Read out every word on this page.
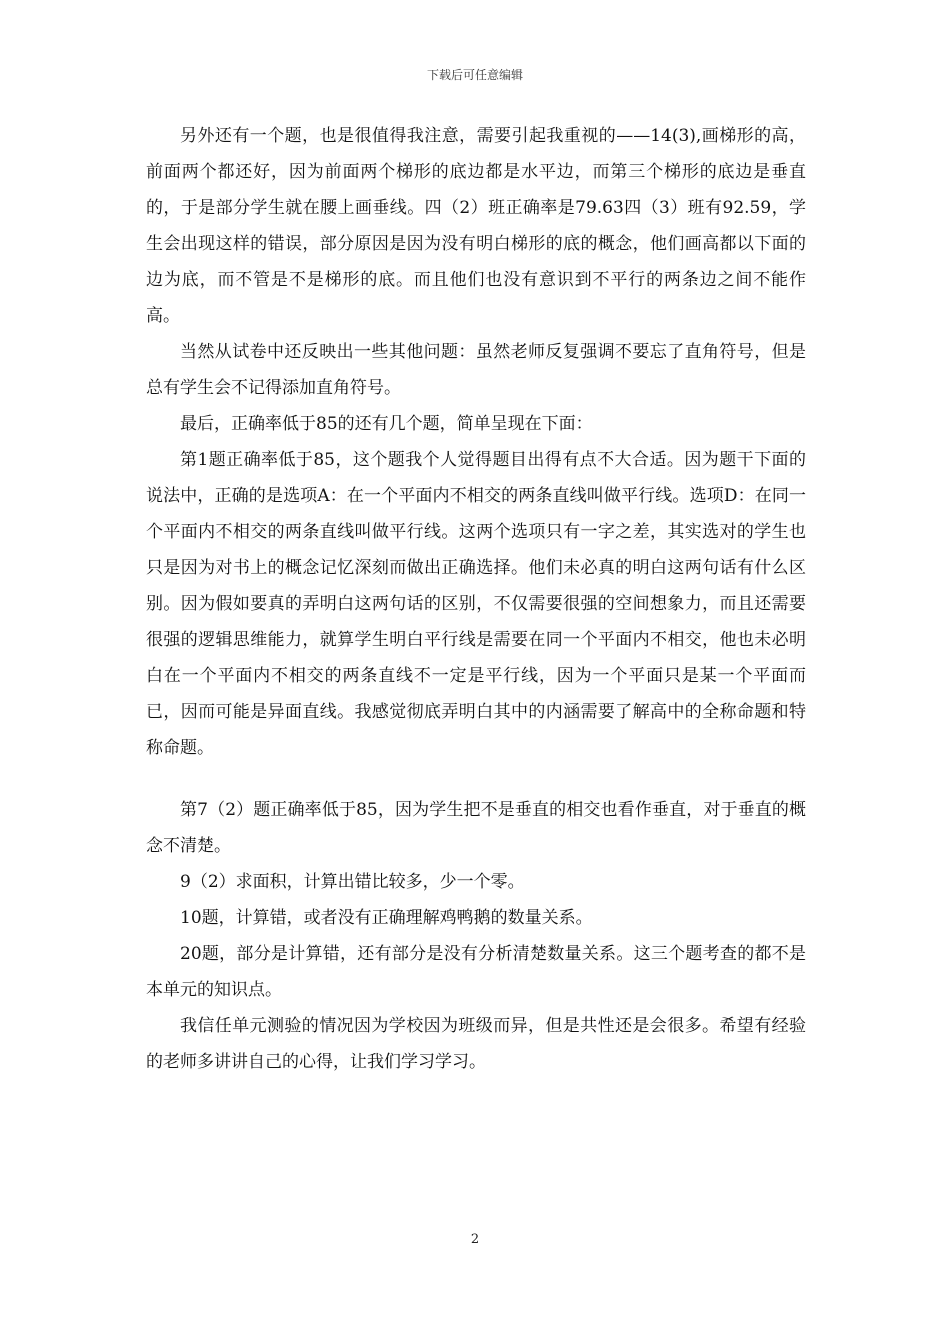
下载后可任意编辑

另外还有一个题，也是很值得我注意，需要引起我重视的——14(3),画梯形的高，前面两个都还好，因为前面两个梯形的底边都是水平边，而第三个梯形的底边是垂直的，于是部分学生就在腰上画垂线。四（2）班正确率是79.63四（3）班有92.59，学生会出现这样的错误，部分原因是因为没有明白梯形的底的概念，他们画高都以下面的边为底，而不管是不是梯形的底。而且他们也没有意识到不平行的两条边之间不能作高。

当然从试卷中还反映出一些其他问题：虽然老师反复强调不要忘了直角符号，但是总有学生会不记得添加直角符号。

最后，正确率低于85的还有几个题，简单呈现在下面：

第1题正确率低于85，这个题我个人觉得题目出得有点不大合适。因为题干下面的说法中，正确的是选项A：在一个平面内不相交的两条直线叫做平行线。选项D：在同一个平面内不相交的两条直线叫做平行线。这两个选项只有一字之差，其实选对的学生也只是因为对书上的概念记忆深刻而做出正确选择。他们未必真的明白这两句话有什么区别。因为假如要真的弄明白这两句话的区别，不仅需要很强的空间想象力，而且还需要很强的逻辑思维能力，就算学生明白平行线是需要在同一个平面内不相交，他也未必明白在一个平面内不相交的两条直线不一定是平行线，因为一个平面只是某一个平面而已，因而可能是异面直线。我感觉彻底弄明白其中的内涵需要了解高中的全称命题和特称命题。

第7（2）题正确率低于85，因为学生把不是垂直的相交也看作垂直，对于垂直的概念不清楚。

9（2）求面积，计算出错比较多，少一个零。

10题，计算错，或者没有正确理解鸡鸭鹅的数量关系。

20题，部分是计算错，还有部分是没有分析清楚数量关系。这三个题考查的都不是本单元的知识点。

我信任单元测验的情况因为学校因为班级而异，但是共性还是会很多。希望有经验的老师多讲讲自己的心得，让我们学习学习。

2
